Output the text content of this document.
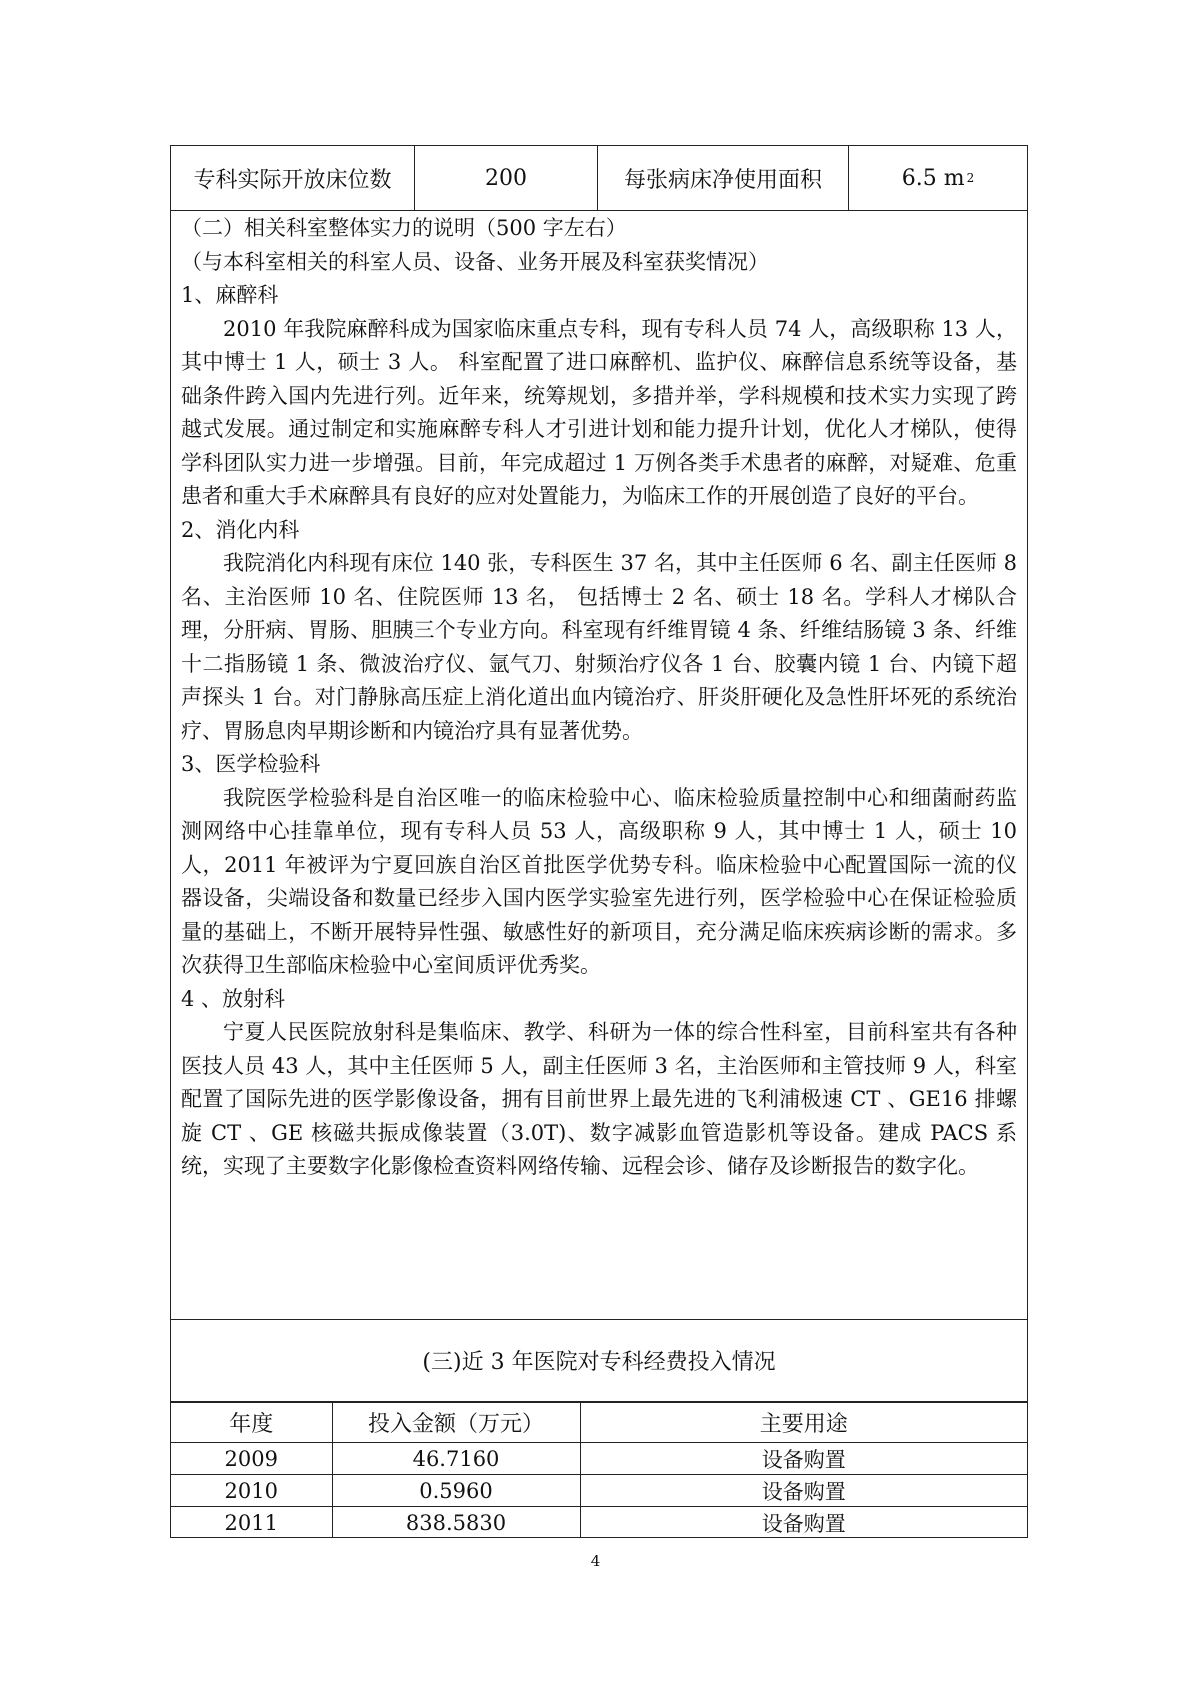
专科实际开放床位数	200	每张病床净使用面积	6.5 m 2
（二）相关科室整体实力的说明（500 字左右）
（与本科室相关的科室人员、设备、业务开展及科室获奖情况）
1、麻醉科
2010 年我院麻醉科成为国家临床重点专科，现有专科人员 74 人，高级职称 13 人，其中博士 1 人，硕士 3 人。 科室配置了进口麻醉机、监护仪、麻醉信息系统等设备，基础条件跨入国内先进行列。近年来，统筹规划，多措并举，学科规模和技术实力实现了跨越式发展。通过制定和实施麻醉专科人才引进计划和能力提升计划，优化人才梯队，使得学科团队实力进一步增强。目前，年完成超过 1 万例各类手术患者的麻醉，对疑难、危重患者和重大手术麻醉具有良好的应对处置能力，为临床工作的开展创造了良好的平台。
2、消化内科
我院消化内科现有床位 140 张，专科医生 37 名，其中主任医师 6 名、副主任医师 8 名、主治医师 10 名、住院医师 13 名， 包括博士 2 名、硕士 18 名。学科人才梯队合理，分肝病、胃肠、胆胰三个专业方向。科室现有纤维胃镜 4 条、纤维结肠镜 3 条、纤维十二指肠镜 1 条、微波治疗仪、氩气刀、射频治疗仪各 1 台、胶囊内镜 1 台、内镜下超声探头 1 台。对门静脉高压症上消化道出血内镜治疗、肝炎肝硬化及急性肝坏死的系统治疗、胃肠息肉早期诊断和内镜治疗具有显著优势。
3、医学检验科
我院医学检验科是自治区唯一的临床检验中心、临床检验质量控制中心和细菌耐药监测网络中心挂靠单位，现有专科人员 53 人，高级职称 9 人，其中博士 1 人，硕士 10 人，2011 年被评为宁夏回族自治区首批医学优势专科。临床检验中心配置国际一流的仪器设备，尖端设备和数量已经步入国内医学实验室先进行列，医学检验中心在保证检验质量的基础上，不断开展特异性强、敏感性好的新项目，充分满足临床疾病诊断的需求。多次获得卫生部临床检验中心室间质评优秀奖。
4 、放射科
宁夏人民医院放射科是集临床、教学、科研为一体的综合性科室，目前科室共有各种医技人员 43 人，其中主任医师 5 人，副主任医师 3 名，主治医师和主管技师 9 人，科室配置了国际先进的医学影像设备，拥有目前世界上最先进的飞利浦极速 CT 、GE16 排螺旋 CT 、GE 核磁共振成像装置（3.0T)、数字减影血管造影机等设备。建成 PACS 系统，实现了主要数字化影像检查资料网络传输、远程会诊、储存及诊断报告的数字化。
(三)近 3 年医院对专科经费投入情况
年度	投入金额（万元）	主要用途
2009	46.7160	设备购置
2010	0.5960	设备购置
2011	838.5830	设备购置
4
